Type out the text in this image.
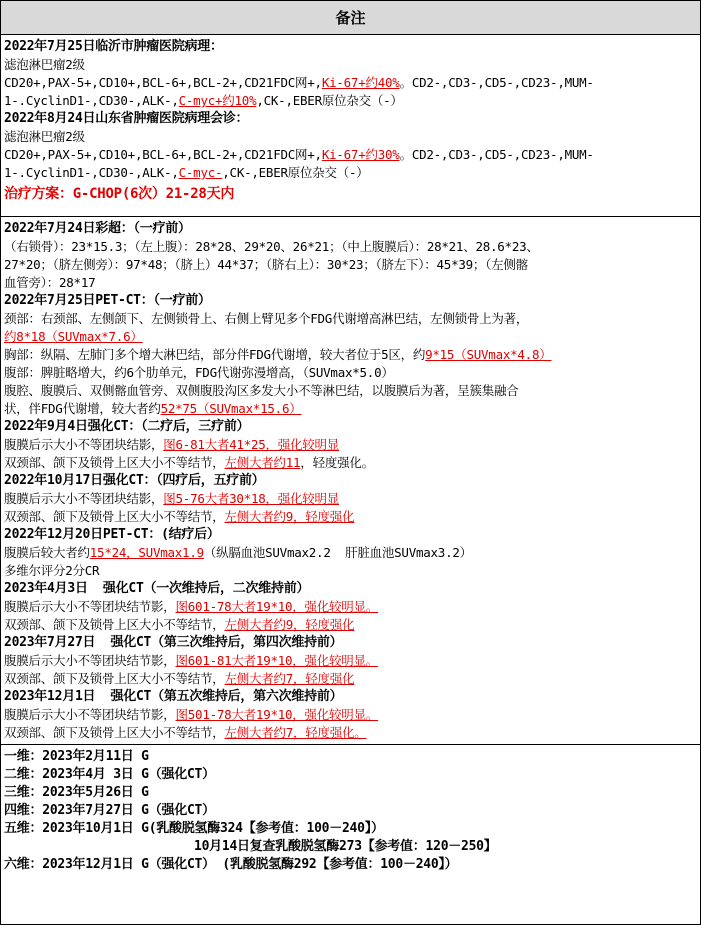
备注
2022年7月25日临沂市肿瘤医院病理：
滤泡淋巴瘤2级
CD20+,PAX-5+,CD10+,BCL-6+,BCL-2+,CD21FDC网+,Ki-67+约40%。CD2-,CD3-,CD5-,CD23-,MUM-
1-.CyclinD1-,CD30-,ALK-,C-myc+约10%,CK-,EBER原位杂交（-）
2022年8月24日山东省肿瘤医院病理会诊：
滤泡淋巴瘤2级
CD20+,PAX-5+,CD10+,BCL-6+,BCL-2+,CD21FDC网+,Ki-67+约30%。CD2-,CD3-,CD5-,CD23-,MUM-
1-.CyclinD1-,CD30-,ALK-,C-myc-,CK-,EBER原位杂交（-）
治疗方案：G-CHOP(6次）21-28天内
2022年7月24日彩超：（一疗前）
（右锁骨）：23*15.3；（左上腹）：28*28、29*20、26*21；（中上腹膜后）：28*21、28.6*23、
27*20；（脐左侧旁）：97*48；（脐上）44*37；（脐右上）：30*23；（脐左下）：45*39；（左侧髂
血管旁）：28*17
2022年7月25日PET-CT：（一疗前）
颈部：右颈部、左侧颌下、左侧锁骨上、右侧上臂见多个FDG代谢增高淋巴结，左侧锁骨上为著，
约8*18（SUVmax*7.6）
胸部：纵隔、左肺门多个增大淋巴结，部分伴FDG代谢增，较大者位于5区，约9*15（SUVmax*4.8）
腹部：脾脏略增大，约6个肋单元，FDG代谢弥漫增高，（SUVmax*5.0）
腹腔、腹膜后、双侧髂血管旁、双侧腹股沟区多发大小不等淋巴结，以腹膜后为著，呈簇集融合
状，伴FDG代谢增，较大者约52*75（SUVmax*15.6）
2022年9月4日强化CT：（二疗后，三疗前）
腹膜后示大小不等团块结影，图6-81大者41*25，强化较明显
双颈部、颌下及锁骨上区大小不等结节，左侧大者约11，轻度强化。
2022年10月17日强化CT：（四疗后，五疗前）
腹膜后示大小不等团块结影，图5-76大者30*18，强化较明显
双颈部、颌下及锁骨上区大小不等结节，左侧大者约9，轻度强化
2022年12月20日PET-CT：(结疗后）
腹膜后较大者约15*24，SUVmax1.9（纵膈血池SUVmax2.2  肝脏血池SUVmax3.2）
多维尔评分2分CR
2023年4月3日  强化CT（一次维持后，二次维持前）
腹膜后示大小不等团块结节影，图601-78大者19*10，强化较明显。
双颈部、颌下及锁骨上区大小不等结节，左侧大者约9，轻度强化
2023年7月27日  强化CT（第三次维持后，第四次维持前）
腹膜后示大小不等团块结节影，图601-81大者19*10，强化较明显。
双颈部、颌下及锁骨上区大小不等结节，左侧大者约7，轻度强化
2023年12月1日  强化CT（第五次维持后，第六次维持前）
腹膜后示大小不等团块结节影，图501-78大者19*10，强化较明显。
双颈部、颌下及锁骨上区大小不等结节，左侧大者约7，轻度强化。
一维：2023年2月11日 G
二维：2023年4月 3日 G（强化CT）
三维：2023年5月26日 G
四维：2023年7月27日 G（强化CT）
五维：2023年10月1日 G(乳酸脱氢酶324【参考值：100－240】）
10月14日复查乳酸脱氢酶273【参考值：120－250】
六维：2023年12月1日 G（强化CT） (乳酸脱氢酶292【参考值：100－240】）
